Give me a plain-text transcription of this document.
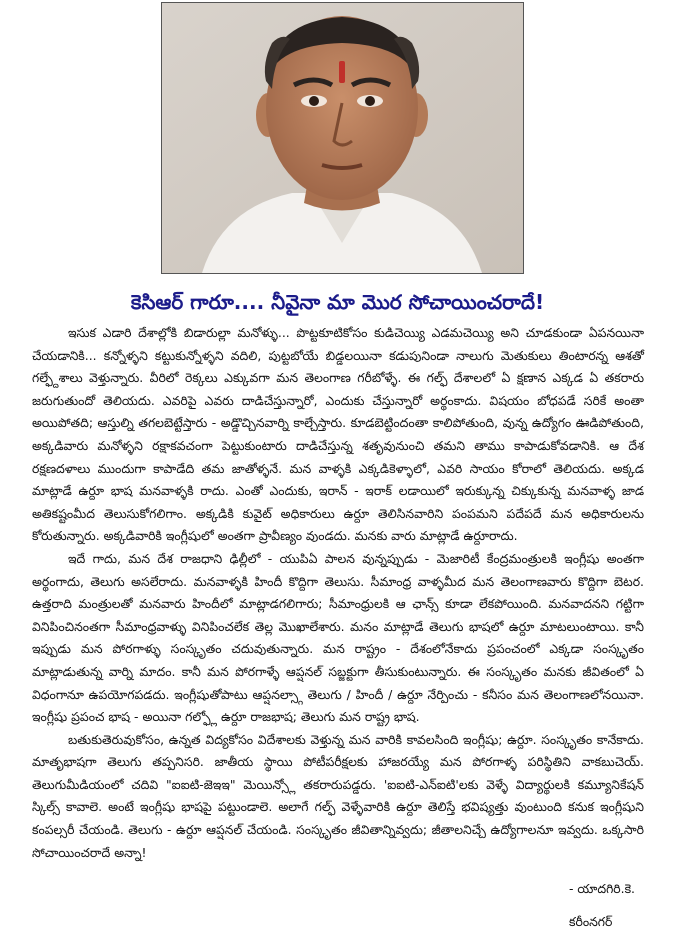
కెసిఆర్ గారూ.... నీవైనా మా మొర సోచాయించరాదే!

ఇసుక ఎడారి దేశాల్లోకి బిడారుల్లా మనోళ్ళు... పొట్టకూటికోసం కుడిచెయ్యి ఎడమచెయ్యి అని చూడకుండా ఏపనయినా చేయడానికి... కన్నోళ్ళని కట్టుకున్నోళ్ళని వదిలి, పుట్టబోయే బిడ్డలయినా కడుపునిండా నాలుగు మెతుకులు తింటారన్న ఆశతో గల్ఫ్దేశాలు వెళ్తున్నారు. వీరిలో రెక్కలు ఎక్కువగా మన తెలంగాణ గరీబోళ్ళే. ఈ గల్ఫ్ దేశాలలో ఏ క్షణాన ఎక్కడ ఏ తకరారు జరుగుతుందో తెలియదు. ఎవరిపై ఎవరు దాడిచేస్తున్నారో, ఎందుకు చేస్తున్నారో అర్థంకాదు. విషయం బోధపడే సరికే అంతా అయిపోతది; ఆస్తుల్ని తగలబెట్టేస్తారు - అడ్డొచ్చినవార్ని కాల్చేస్తారు. కూడబెట్టిందంతా కాలిపోతుంది, వున్న ఉద్యోగం ఊడిపోతుంది, అక్కడివారు మనోళ్ళని రక్షాకవచంగా పెట్టుకుంటారు దాడిచేస్తున్న శతృవునుంచి తమని తాము కాపాడుకోవడానికి. ఆ దేశ రక్షణదళాలు ముందుగా కాపాడేది తమ జాతోళ్ళనే. మన వాళ్ళకి ఎక్కడికెళ్ళాలో, ఎవరి సాయం కోరాలో తెలియదు. అక్కడ మాట్లాడే ఉర్దూ భాష మనవాళ్ళకి రాదు. ఎంతో ఎందుకు, ఇరాన్ - ఇరాక్ లడాయిలో ఇరుక్కున్న చిక్కుకున్న మనవాళ్ళ జాడ అతికష్టంమీద తెలుసుకోగలిగాం. అక్కడికి కువైట్ అధికారులు ఉర్దూ తెలిసినవారిని పంపమని పదేపదే మన అధికారులను కోరుతున్నారు. అక్కడివారికి ఇంగ్లీషులో అంతగా ప్రావీణ్యం వుండదు. మనకు వారు మాట్లాడే ఉర్దూరాదు.

ఇదే గాదు, మన దేశ రాజధాని ఢిల్లీలో - యుపిఏ పాలన వున్నప్పుడు - మెజారిటీ కేంద్రమంత్రులకి ఇంగ్లీషు అంతగా అర్థంగాదు, తెలుగు అసలేరాదు. మనవాళ్ళకి హిందీ కొద్దిగా తెలుసు. సీమాంధ్ర వాళ్ళమీద మన తెలంగాణవారు కొద్దిగా బెటర. ఉత్తరాది మంత్రులతో మనవారు హిందీలో మాట్లాడగలిగారు; సీమాంధ్రులకి ఆ ఛాన్స్ కూడా లేకపోయింది. మనవాదనని గట్టిగా వినిపించినంతగా సీమాంధ్రవాళ్ళు వినిపించలేక తెల్ల మొఖాలేశారు. మనం మాట్లాడే తెలుగు భాషలో ఉర్దూ మాటలుంటాయి. కానీ ఇప్పుడు మన పోరగాళ్ళు సంస్కృతం చదువుతున్నారు. మన రాష్ట్రం - దేశంలోనేకాదు ప్రపంచంలో ఎక్కడా సంస్కృతం మాట్లాడుతున్న వార్ని మాదం. కానీ మన పోరగాళ్ళే ఆప్షనల్ సబ్జక్టుగా తీసుకుంటున్నారు. ఈ సంస్కృతం మనకు జీవితంలో ఏ విధంగానూ ఉపయోగపడదు. ఇంగ్లీషుతోపాటు ఆప్షనల్స్గా తెలుగు / హిందీ / ఉర్దూ నేర్పించు - కనీసం మన తెలంగాణలోనయినా. ఇంగ్లీషు ప్రపంచ భాష - అయినా గల్ఫ్లో ఉర్దూ రాజభాష; తెలుగు మన రాష్ట్ర భాష.

బతుకుతెరువుకోసం, ఉన్నత విద్యకోసం విదేశాలకు వెళ్తున్న మన వారికి కావలసింది ఇంగ్లీషు; ఉర్దూ. సంస్కృతం కానేకాదు. మాతృభాషగా తెలుగు తప్పనిసరి. జాతీయ స్థాయి పోటీపరీక్షలకు హాజరయ్యే మన పోరగాళ్ళ పరిస్థితిని వాకబుచెయ్. తెలుగుమీడియంలో చదివి "ఐఐటి-జెఇఇ" మెయిన్స్లో తకరారుపడ్డరు. 'ఐఐటి-ఎన్ఐటి'లకు వెళ్ళే విద్యార్థులకి కమ్యూనికేషన్ స్కిల్స్ కావాలె. అంటే ఇంగ్లీషు భాషపై పట్టుండాలె. అలాగే గల్ఫ్ వెళ్ళేవారికి ఉర్దూ తెలిస్తే భవిష్యత్తు వుంటుంది కనుక ఇంగ్లీషుని కంపల్సరీ చేయండి. తెలుగు - ఉర్దూ ఆప్షనల్ చేయండి. సంస్కృతం జీవితాన్నివ్వదు; జీతాలనిచ్చే ఉద్యోగాలనూ ఇవ్వదు. ఒక్కసారి సోచాయించరాదే అన్నా!

- యాదగిరి.కె.
కరీంనగర్
